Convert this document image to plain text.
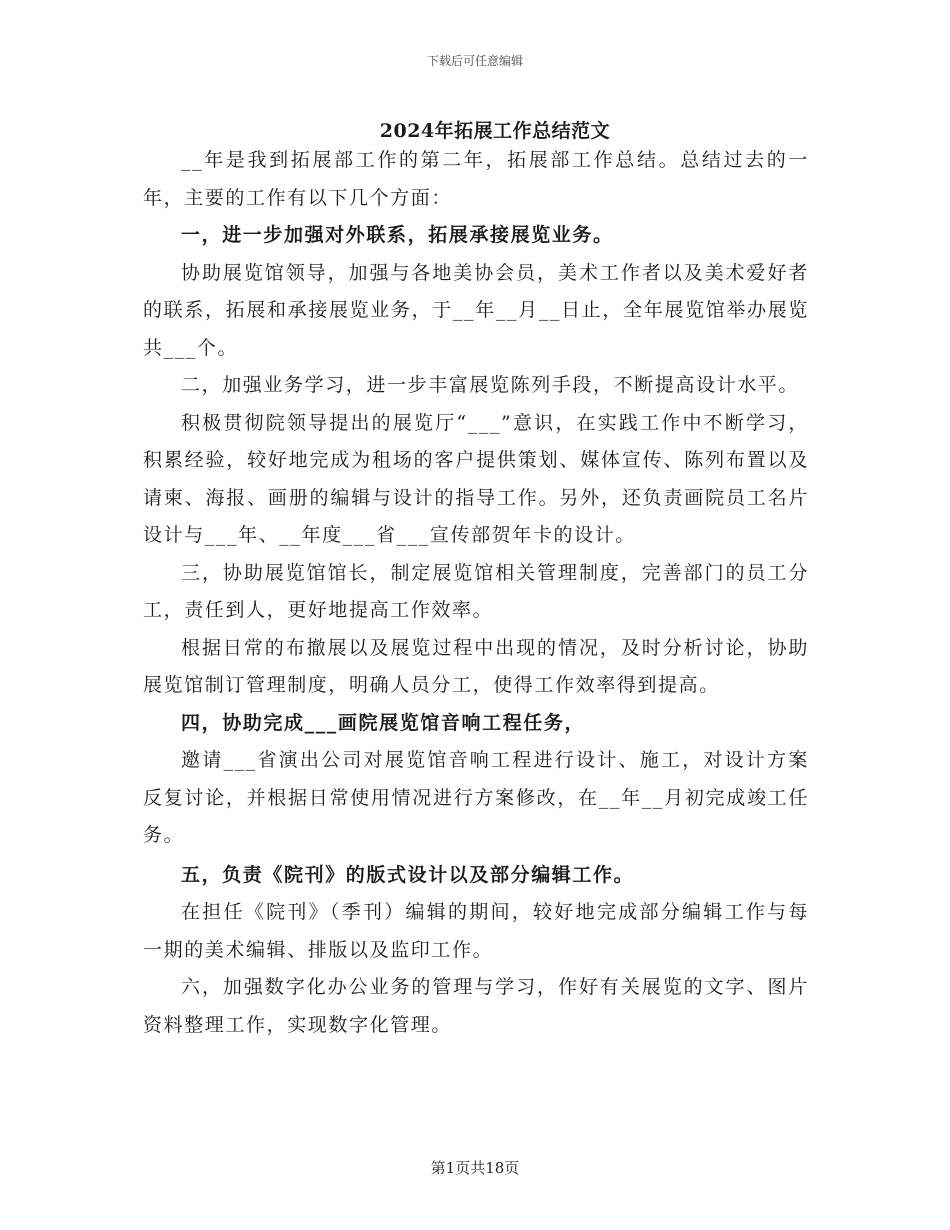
下载后可任意编辑
2024年拓展工作总结范文

__年是我到拓展部工作的第二年，拓展部工作总结。总结过去的一年，主要的工作有以下几个方面：

一，进一步加强对外联系，拓展承接展览业务。

协助展览馆领导，加强与各地美协会员，美术工作者以及美术爱好者的联系，拓展和承接展览业务，于__年__月__日止，全年展览馆举办展览共___个。

二，加强业务学习，进一步丰富展览陈列手段，不断提高设计水平。

积极贯彻院领导提出的展览厅“___”意识，在实践工作中不断学习，积累经验，较好地完成为租场的客户提供策划、媒体宣传、陈列布置以及请柬、海报、画册的编辑与设计的指导工作。另外，还负责画院员工名片设计与___年、__年度___省___宣传部贺年卡的设计。

三，协助展览馆馆长，制定展览馆相关管理制度，完善部门的员工分工，责任到人，更好地提高工作效率。

根据日常的布撤展以及展览过程中出现的情况，及时分析讨论，协助展览馆制订管理制度，明确人员分工，使得工作效率得到提高。

四，协助完成___画院展览馆音响工程任务，

邀请___省演出公司对展览馆音响工程进行设计、施工，对设计方案反复讨论，并根据日常使用情况进行方案修改，在__年__月初完成竣工任务。

五，负责《院刊》的版式设计以及部分编辑工作。

在担任《院刊》（季刊）编辑的期间，较好地完成部分编辑工作与每一期的美术编辑、排版以及监印工作。

六，加强数字化办公业务的管理与学习，作好有关展览的文字、图片资料整理工作，实现数字化管理。

第1页共18页
